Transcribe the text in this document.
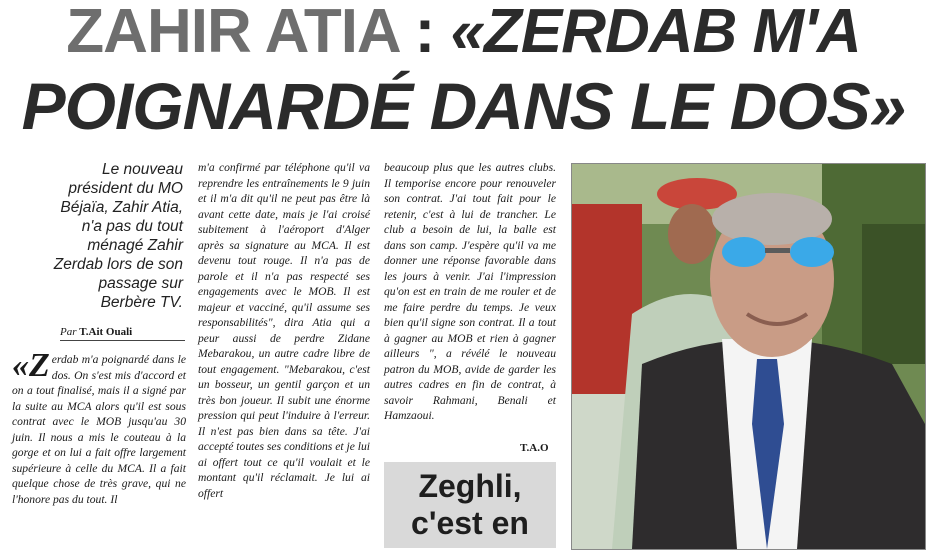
ZAHIR ATIA : «ZERDAB M'A
POIGNARDÉ DANS LE DOS»
Le nouveau président du MO Béjaïa, Zahir Atia, n'a pas du tout ménagé Zahir Zerdab lors de son passage sur Berbère TV.
Par T.Ait Ouali
«Zerdab m'a poignardé dans le dos. On s'est mis d'accord et on a tout finalisé, mais il a signé par la suite au MCA alors qu'il est sous contrat avec le MOB jusqu'au 30 juin. Il nous a mis le couteau à la gorge et on lui a fait offre largement supérieure à celle du MCA. Il a fait quelque chose de très grave, qui ne l'honore pas du tout. Il
m'a confirmé par téléphone qu'il va reprendre les entraînements le 9 juin et il m'a dit qu'il ne peut pas être là avant cette date, mais je l'ai croisé subitement à l'aéroport d'Alger après sa signature au MCA. Il est devenu tout rouge. Il n'a pas de parole et il n'a pas respecté ses engagements avec le MOB. Il est majeur et vacciné, qu'il assume ses responsabilités", dira Atia qui a peur aussi de perdre Zidane Mebarakou, un autre cadre libre de tout engagement. "Mebarakou, c'est un bosseur, un gentil garçon et un très bon joueur. Il subit une énorme pression qui peut l'induire à l'erreur. Il n'est pas bien dans sa tête. J'ai accepté toutes ses conditions et je lui ai offert tout ce qu'il voulait et le montant qu'il réclamait. Je lui ai offert
beaucoup plus que les autres clubs. Il temporise encore pour renouveler son contrat. J'ai tout fait pour le retenir, c'est à lui de trancher. Le club a besoin de lui, la balle est dans son camp. J'espère qu'il va me donner une réponse favorable dans les jours à venir. J'ai l'impression qu'on est en train de me rouler et de me faire perdre du temps. Je veux bien qu'il signe son contrat. Il a tout à gagner au MOB et rien à gagner ailleurs ", a révélé le nouveau patron du MOB, avide de garder les autres cadres en fin de contrat, à savoir Rahmani, Benali et Hamzaoui.
T.A.O
Zeghli,
c'est en
